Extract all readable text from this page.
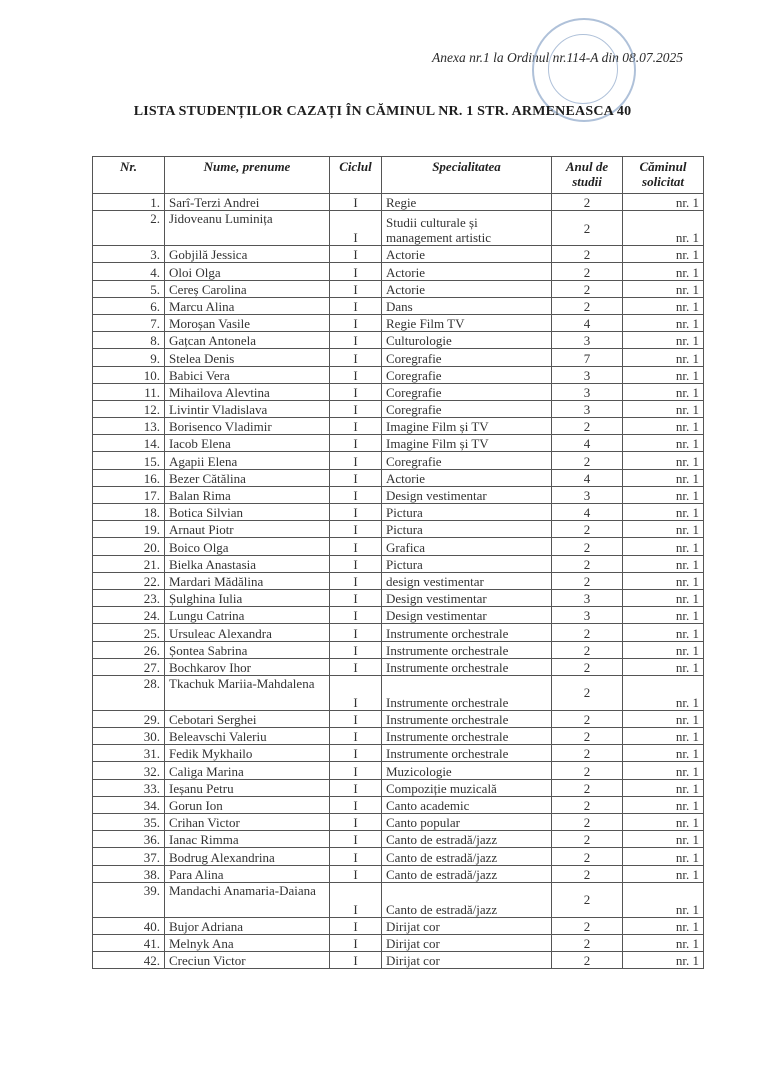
Anexa nr.1 la Ordinul nr.114-A din 08.07.2025
LISTA STUDENȚILOR CAZAȚI ÎN CĂMINUL NR. 1 STR. ARMENEASCA 40
Nr.	Nume, prenume	Ciclul	Specialitatea	Anul de studii	Căminul solicitat
1.	Sarî-Terzi Andrei	I	Regie	2	nr. 1
2.	Jidoveanu Luminița	I	Studii culturale și management artistic	2	nr. 1
3.	Gobjilă Jessica	I	Actorie	2	nr. 1
4.	Oloi Olga	I	Actorie	2	nr. 1
5.	Cereș Carolina	I	Actorie	2	nr. 1
6.	Marcu Alina	I	Dans	2	nr. 1
7.	Moroșan Vasile	I	Regie Film TV	4	nr. 1
8.	Gațcan Antonela	I	Culturologie	3	nr. 1
9.	Stelea Denis	I	Coregrafie	7	nr. 1
10.	Babici Vera	I	Coregrafie	3	nr. 1
11.	Mihailova Alevtina	I	Coregrafie	3	nr. 1
12.	Livintir Vladislava	I	Coregrafie	3	nr. 1
13.	Borisenco Vladimir	I	Imagine Film și TV	2	nr. 1
14.	Iacob Elena	I	Imagine Film și TV	4	nr. 1
15.	Agapii Elena	I	Coregrafie	2	nr. 1
16.	Bezer Cătălina	I	Actorie	4	nr. 1
17.	Balan Rima	I	Design vestimentar	3	nr. 1
18.	Botica Silvian	I	Pictura	4	nr. 1
19.	Arnaut Piotr	I	Pictura	2	nr. 1
20.	Boico Olga	I	Grafica	2	nr. 1
21.	Bielka Anastasia	I	Pictura	2	nr. 1
22.	Mardari Mădălina	I	design vestimentar	2	nr. 1
23.	Șulghina Iulia	I	Design vestimentar	3	nr. 1
24.	Lungu Catrina	I	Design vestimentar	3	nr. 1
25.	Ursuleac Alexandra	I	Instrumente orchestrale	2	nr. 1
26.	Șontea Sabrina	I	Instrumente orchestrale	2	nr. 1
27.	Bochkarov Ihor	I	Instrumente orchestrale	2	nr. 1
28.	Tkachuk Mariia-Mahdalena	I	Instrumente orchestrale	2	nr. 1
29.	Cebotari Serghei	I	Instrumente orchestrale	2	nr. 1
30.	Beleavschi Valeriu	I	Instrumente orchestrale	2	nr. 1
31.	Fedik Mykhailo	I	Instrumente orchestrale	2	nr. 1
32.	Caliga Marina	I	Muzicologie	2	nr. 1
33.	Ieșanu Petru	I	Compoziție muzicală	2	nr. 1
34.	Gorun Ion	I	Canto academic	2	nr. 1
35.	Crihan Victor	I	Canto popular	2	nr. 1
36.	Ianac Rimma	I	Canto de estradă/jazz	2	nr. 1
37.	Bodrug Alexandrina	I	Canto de estradă/jazz	2	nr. 1
38.	Para Alina	I	Canto de estradă/jazz	2	nr. 1
39.	Mandachi Anamaria-Daiana	I	Canto de estradă/jazz	2	nr. 1
40.	Bujor Adriana	I	Dirijat cor	2	nr. 1
41.	Melnyk Ana	I	Dirijat cor	2	nr. 1
42.	Creciun Victor	I	Dirijat cor	2	nr. 1
